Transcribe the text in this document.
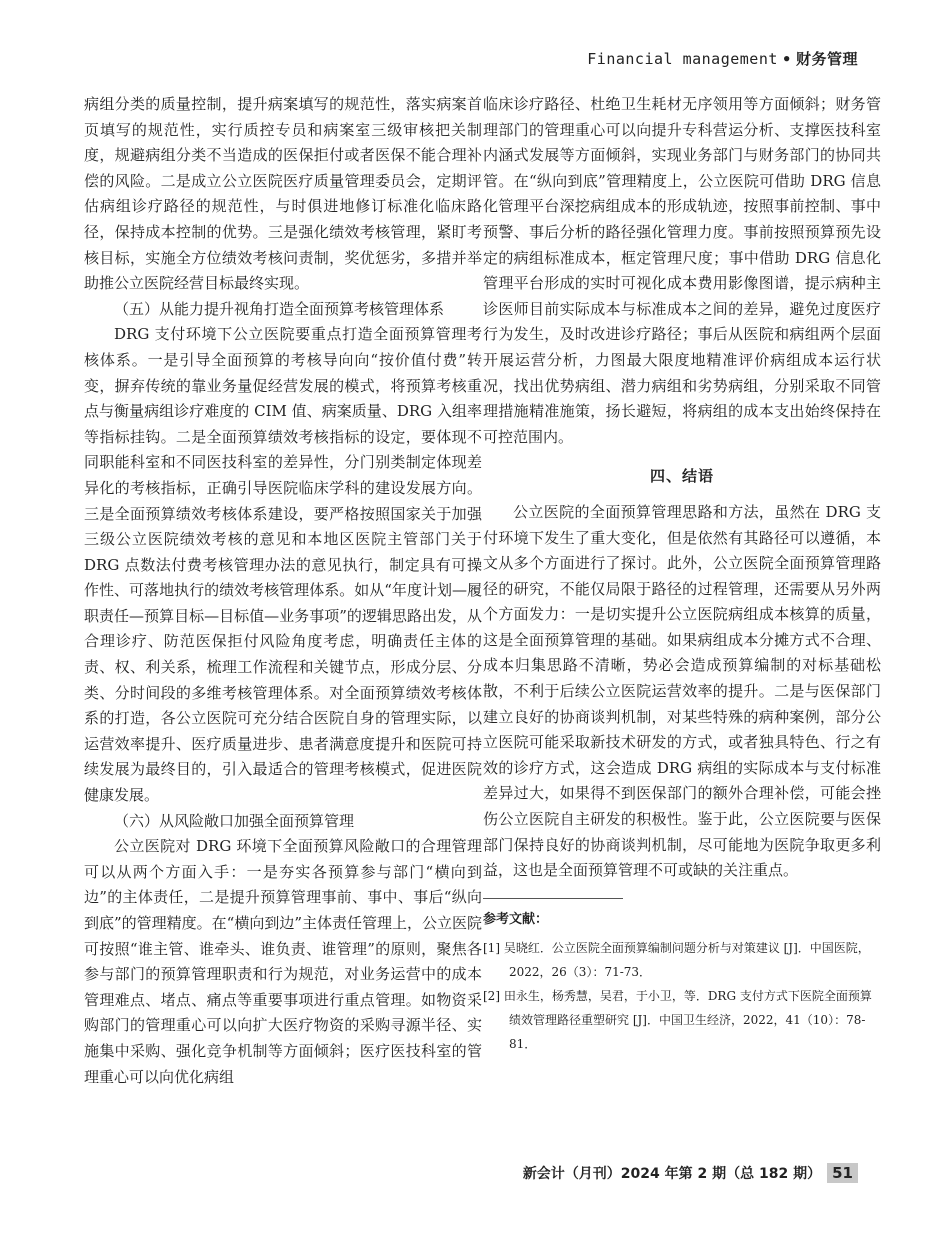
Financial management • 财务管理

病组分类的质量控制，提升病案填写的规范性，落实病案首页填写的规范性，实行质控专员和病案室三级审核把关制度，规避病组分类不当造成的医保拒付或者医保不能合理补偿的风险。二是成立公立医院医疗质量管理委员会，定期评估病组诊疗路径的规范性，与时俱进地修订标准化临床路径，保持成本控制的优势。三是强化绩效考核管理，紧盯考核目标，实施全方位绩效考核问责制，奖优惩劣，多措并举助推公立医院经营目标最终实现。

（五）从能力提升视角打造全面预算考核管理体系

DRG 支付环境下公立医院要重点打造全面预算管理考核体系。一是引导全面预算的考核导向向“按价值付费”转变，摒弃传统的靠业务量促经营发展的模式，将预算考核重点与衡量病组诊疗难度的 CIM 值、病案质量、DRG 入组率等指标挂钩。二是全面预算绩效考核指标的设定，要体现不同职能科室和不同医技科室的差异性，分门别类制定体现差异化的考核指标，正确引导医院临床学科的建设发展方向。三是全面预算绩效考核体系建设，要严格按照国家关于加强三级公立医院绩效考核的意见和本地区医院主管部门关于 DRG 点数法付费考核管理办法的意见执行，制定具有可操作性、可落地执行的绩效考核管理体系。如从“年度计划—履职责任—预算目标—目标值—业务事项”的逻辑思路出发，从合理诊疗、防范医保拒付风险角度考虑，明确责任主体的责、权、利关系，梳理工作流程和关键节点，形成分层、分类、分时间段的多维考核管理体系。对全面预算绩效考核体系的打造，各公立医院可充分结合医院自身的管理实际，以运营效率提升、医疗质量进步、患者满意度提升和医院可持续发展为最终目的，引入最适合的管理考核模式，促进医院健康发展。

（六）从风险敞口加强全面预算管理

公立医院对 DRG 环境下全面预算风险敞口的合理管理可以从两个方面入手：一是夯实各预算参与部门“横向到边”的主体责任，二是提升预算管理事前、事中、事后“纵向到底”的管理精度。在“横向到边”主体责任管理上，公立医院可按照“谁主管、谁牵头、谁负责、谁管理”的原则，聚焦各参与部门的预算管理职责和行为规范，对业务运营中的成本管理难点、堵点、痛点等重要事项进行重点管理。如物资采购部门的管理重心可以向扩大医疗物资的采购寻源半径、实施集中采购、强化竞争机制等方面倾斜；医疗医技科室的管理重心可以向优化病组

临床诊疗路径、杜绝卫生耗材无序领用等方面倾斜；财务管理部门的管理重心可以向提升专科营运分析、支撑医技科室内涵式发展等方面倾斜，实现业务部门与财务部门的协同共管。在“纵向到底”管理精度上，公立医院可借助 DRG 信息化管理平台深挖病组成本的形成轨迹，按照事前控制、事中预警、事后分析的路径强化管理力度。事前按照预算预先设定的病组标准成本，框定管理尺度；事中借助 DRG 信息化管理平台形成的实时可视化成本费用影像图谱，提示病种主诊医师目前实际成本与标准成本之间的差异，避免过度医疗行为发生，及时改进诊疗路径；事后从医院和病组两个层面开展运营分析，力图最大限度地精准评价病组成本运行状况，找出优势病组、潜力病组和劣势病组，分别采取不同管理措施精准施策，扬长避短，将病组的成本支出始终保持在可控范围内。

四、结语

公立医院的全面预算管理思路和方法，虽然在 DRG 支付环境下发生了重大变化，但是依然有其路径可以遵循，本文从多个方面进行了探讨。此外，公立医院全面预算管理路径的研究，不能仅局限于路径的过程管理，还需要从另外两个方面发力：一是切实提升公立医院病组成本核算的质量，这是全面预算管理的基础。如果病组成本分摊方式不合理、成本归集思路不清晰，势必会造成预算编制的对标基础松散，不利于后续公立医院运营效率的提升。二是与医保部门建立良好的协商谈判机制，对某些特殊的病种案例，部分公立医院可能采取新技术研发的方式，或者独具特色、行之有效的诊疗方式，这会造成 DRG 病组的实际成本与支付标准差异过大，如果得不到医保部门的额外合理补偿，可能会挫伤公立医院自主研发的积极性。鉴于此，公立医院要与医保部门保持良好的协商谈判机制，尽可能地为医院争取更多利益，这也是全面预算管理不可或缺的关注重点。

参考文献：
[1] 吴晓红．公立医院全面预算编制问题分析与对策建议 [J]．中国医院，2022，26（3）：71-73．
[2] 田永生，杨秀慧，吴君，于小卫，等．DRG 支付方式下医院全面预算绩效管理路径重塑研究 [J]．中国卫生经济，2022，41（10）：78-81．
新会计（月刊）2024 年第 2 期（总 182 期） 51
